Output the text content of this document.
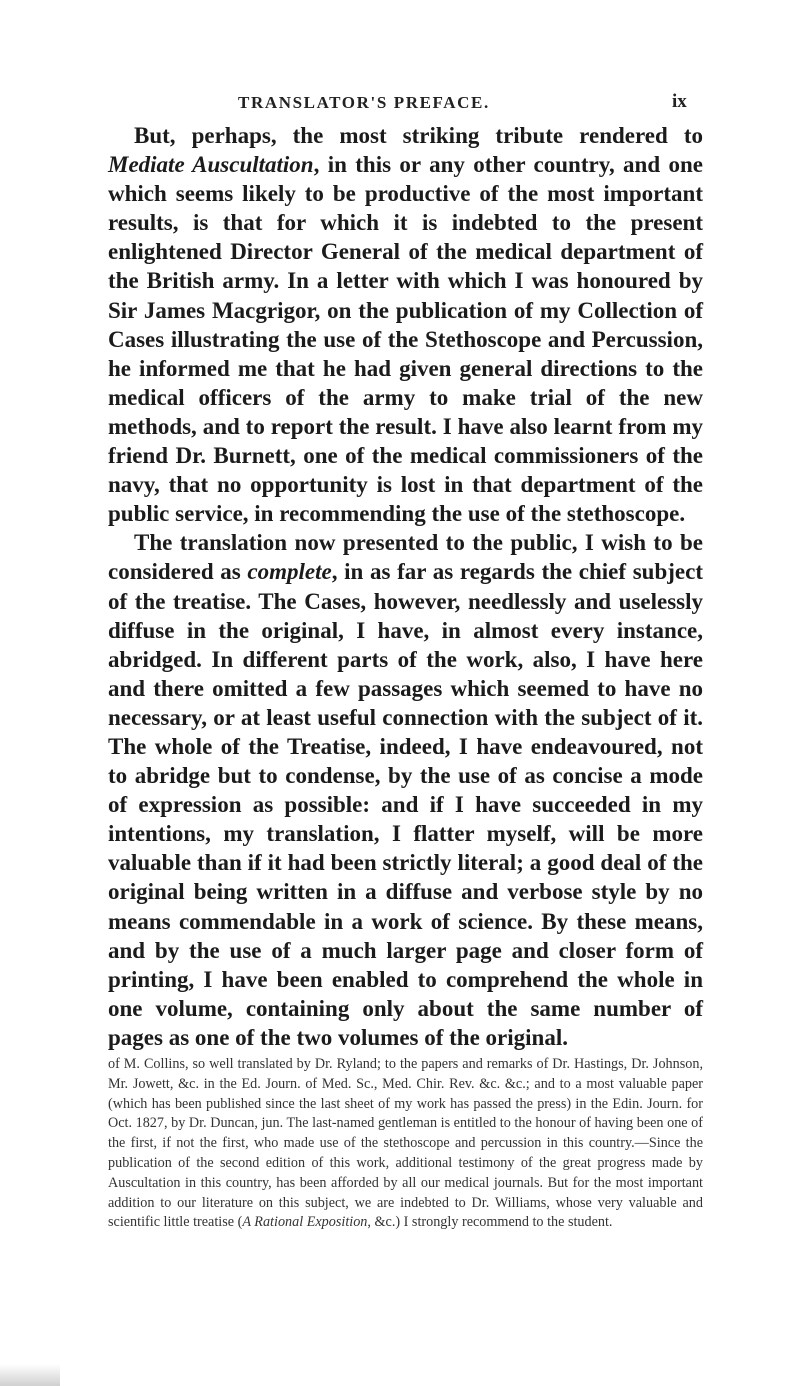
TRANSLATOR'S PREFACE.	ix

But, perhaps, the most striking tribute rendered to Mediate Auscultation, in this or any other country, and one which seems likely to be productive of the most important results, is that for which it is indebted to the present enlightened Director General of the medical department of the British army. In a letter with which I was honoured by Sir James Macgrigor, on the publication of my Collection of Cases illustrating the use of the Stethoscope and Percussion, he informed me that he had given general directions to the medical officers of the army to make trial of the new methods, and to report the result. I have also learnt from my friend Dr. Burnett, one of the medical commissioners of the navy, that no opportunity is lost in that department of the public service, in recommending the use of the stethoscope.

The translation now presented to the public, I wish to be considered as complete, in as far as regards the chief subject of the treatise. The Cases, however, needlessly and uselessly diffuse in the original, I have, in almost every instance, abridged. In different parts of the work, also, I have here and there omitted a few passages which seemed to have no necessary, or at least useful connection with the subject of it. The whole of the Treatise, indeed, I have endeavoured, not to abridge but to condense, by the use of as concise a mode of expression as possible: and if I have succeeded in my intentions, my translation, I flatter myself, will be more valuable than if it had been strictly literal; a good deal of the original being written in a diffuse and verbose style by no means commendable in a work of science. By these means, and by the use of a much larger page and closer form of printing, I have been enabled to comprehend the whole in one volume, containing only about the same number of pages as one of the two volumes of the original.

of M. Collins, so well translated by Dr. Ryland; to the papers and remarks of Dr. Hastings, Dr. Johnson, Mr. Jowett, &c. in the Ed. Journ. of Med. Sc., Med. Chir. Rev. &c. &c.; and to a most valuable paper (which has been published since the last sheet of my work has passed the press) in the Edin. Journ. for Oct. 1827, by Dr. Duncan, jun. The last-named gentleman is entitled to the honour of having been one of the first, if not the first, who made use of the stethoscope and percussion in this country.—Since the publication of the second edition of this work, additional testimony of the great progress made by Auscultation in this country, has been afforded by all our medical journals. But for the most important addition to our literature on this subject, we are indebted to Dr. Williams, whose very valuable and scientific little treatise (A Rational Exposition, &c.) I strongly recommend to the student.
